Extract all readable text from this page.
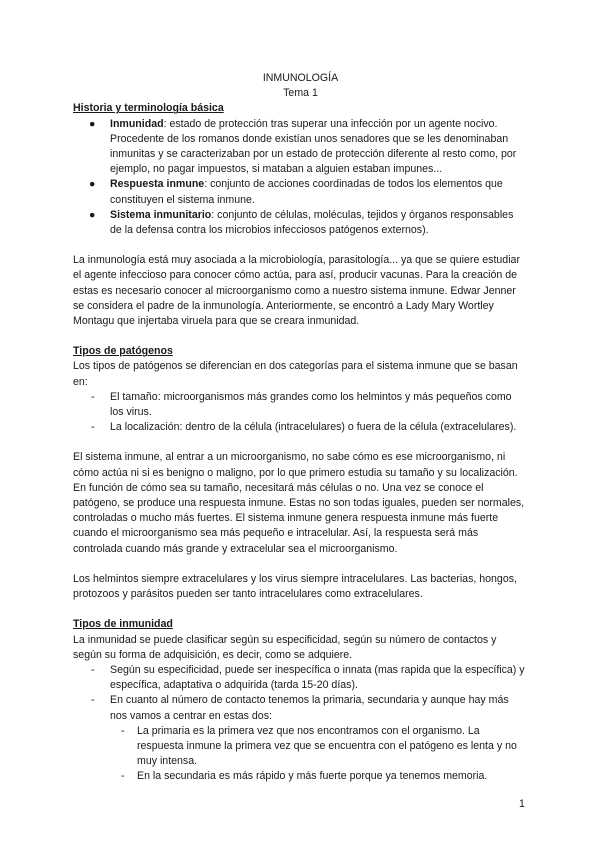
INMUNOLOGÍA

Tema 1

Historia y terminología básica
● Inmunidad: estado de protección tras superar una infección por un agente nocivo. Procedente de los romanos donde existían unos senadores que se les denominaban inmunitas y se caracterizaban por un estado de protección diferente al resto como, por ejemplo, no pagar impuestos, si mataban a alguien estaban impunes...
● Respuesta inmune: conjunto de acciones coordinadas de todos los elementos que constituyen el sistema inmune.
● Sistema inmunitario: conjunto de células, moléculas, tejidos y órganos responsables de la defensa contra los microbios infecciosos patógenos externos).

La inmunología está muy asociada a la microbiología, parasitología... ya que se quiere estudiar el agente infeccioso para conocer cómo actúa, para así, producir vacunas. Para la creación de estas es necesario conocer al microorganismo como a nuestro sistema inmune. Edwar Jenner se considera el padre de la inmunología. Anteriormente, se encontró a Lady Mary Wortley Montagu que injertaba viruela para que se creara inmunidad.

Tipos de patógenos

Los tipos de patógenos se diferencian en dos categorías para el sistema inmune que se basan en:

- El tamaño: microorganismos más grandes como los helmintos y más pequeños como los virus.
- La localización: dentro de la célula (intracelulares) o fuera de la célula (extracelulares).

El sistema inmune, al entrar a un microorganismo, no sabe cómo es ese microorganismo, ni cómo actúa ni si es benigno o maligno, por lo que primero estudia su tamaño y su localización. En función de cómo sea su tamaño, necesitará más células o no. Una vez se conoce el patógeno, se produce una respuesta inmune. Estas no son todas iguales, pueden ser normales, controladas o mucho más fuertes. El sistema inmune genera respuesta inmune más fuerte cuando el microorganismo sea más pequeño e intracelular. Así, la respuesta será más controlada cuando más grande y extracelular sea el microorganismo.

Los helmintos siempre extracelulares y los virus siempre intracelulares. Las bacterias, hongos, protozoos y parásitos pueden ser tanto intracelulares como extracelulares.

Tipos de inmunidad

La inmunidad se puede clasificar según su especificidad, según su número de contactos y según su forma de adquisición, es decir, como se adquiere.

- Según su especificidad, puede ser inespecífica o innata (mas rapida que la específica) y específica, adaptativa o adquirida (tarda 15-20 días).
- En cuanto al número de contacto tenemos la primaria, secundaria y aunque hay más nos vamos a centrar en estas dos:
- La primaria es la primera vez que nos encontramos con el organismo. La respuesta inmune la primera vez que se encuentra con el patógeno es lenta y no muy intensa.
- En la secundaria es más rápido y más fuerte porque ya tenemos memoria.
1
